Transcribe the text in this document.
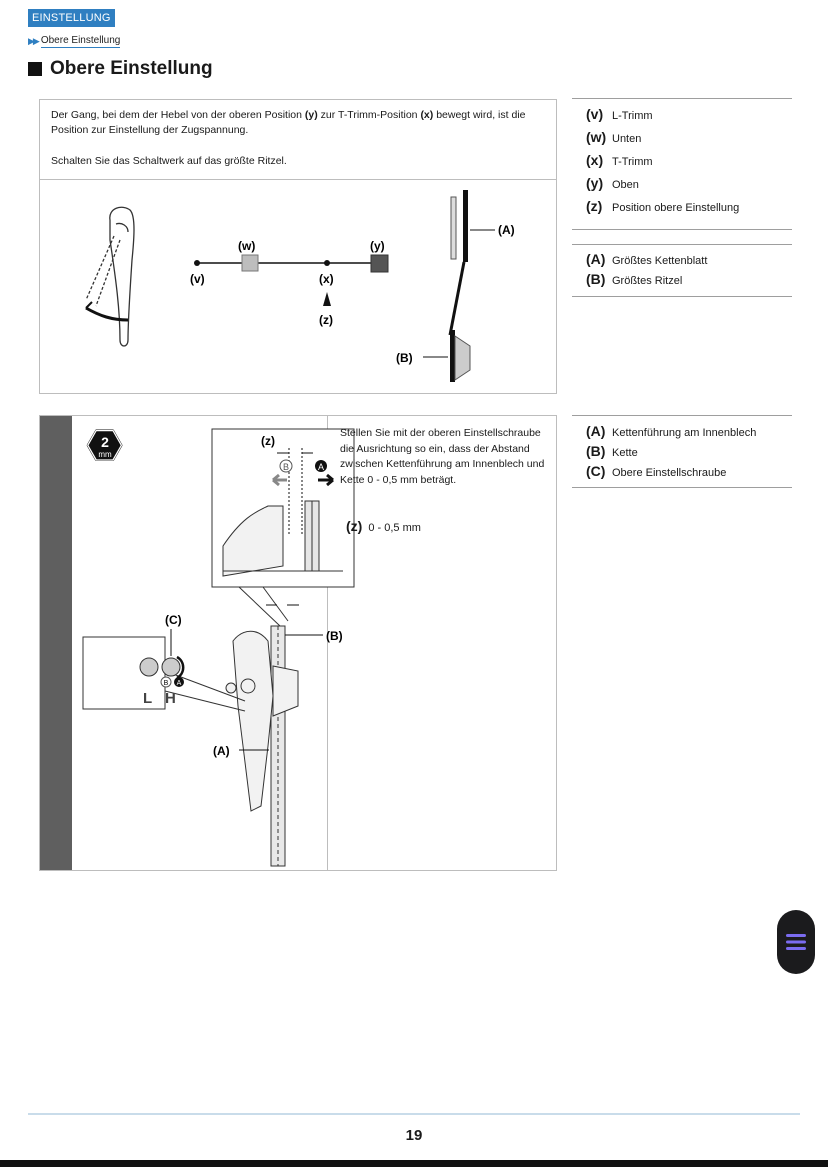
EINSTELLUNG
▶▶ Obere Einstellung
Obere Einstellung

Der Gang, bei dem der Hebel von der oberen Position (y) zur T-Trimm-Position (x) bewegt wird, ist die Position zur Einstellung der Zugspannung.

Schalten Sie das Schaltwerk auf das größte Ritzel.

(v)
(w)
(x)
(y)
(z)
(A)
(B)
(v) L-Trimm
(w) Unten
(x) T-Trimm
(y) Oben
(z) Position obere Einstellung
(A) Größtes Kettenblatt
(B) Größtes Ritzel
2
mm
(z)
B	A
(B)
(C)
B A
L H
(A)
Stellen Sie mit der oberen Einstellschraube die Ausrichtung so ein, dass der Abstand zwischen Kettenführung am Innenblech und Kette 0 - 0,5 mm beträgt.
(z) 0 - 0,5 mm
(A) Kettenführung am Innenblech
(B) Kette
(C) Obere Einstellschraube
19
